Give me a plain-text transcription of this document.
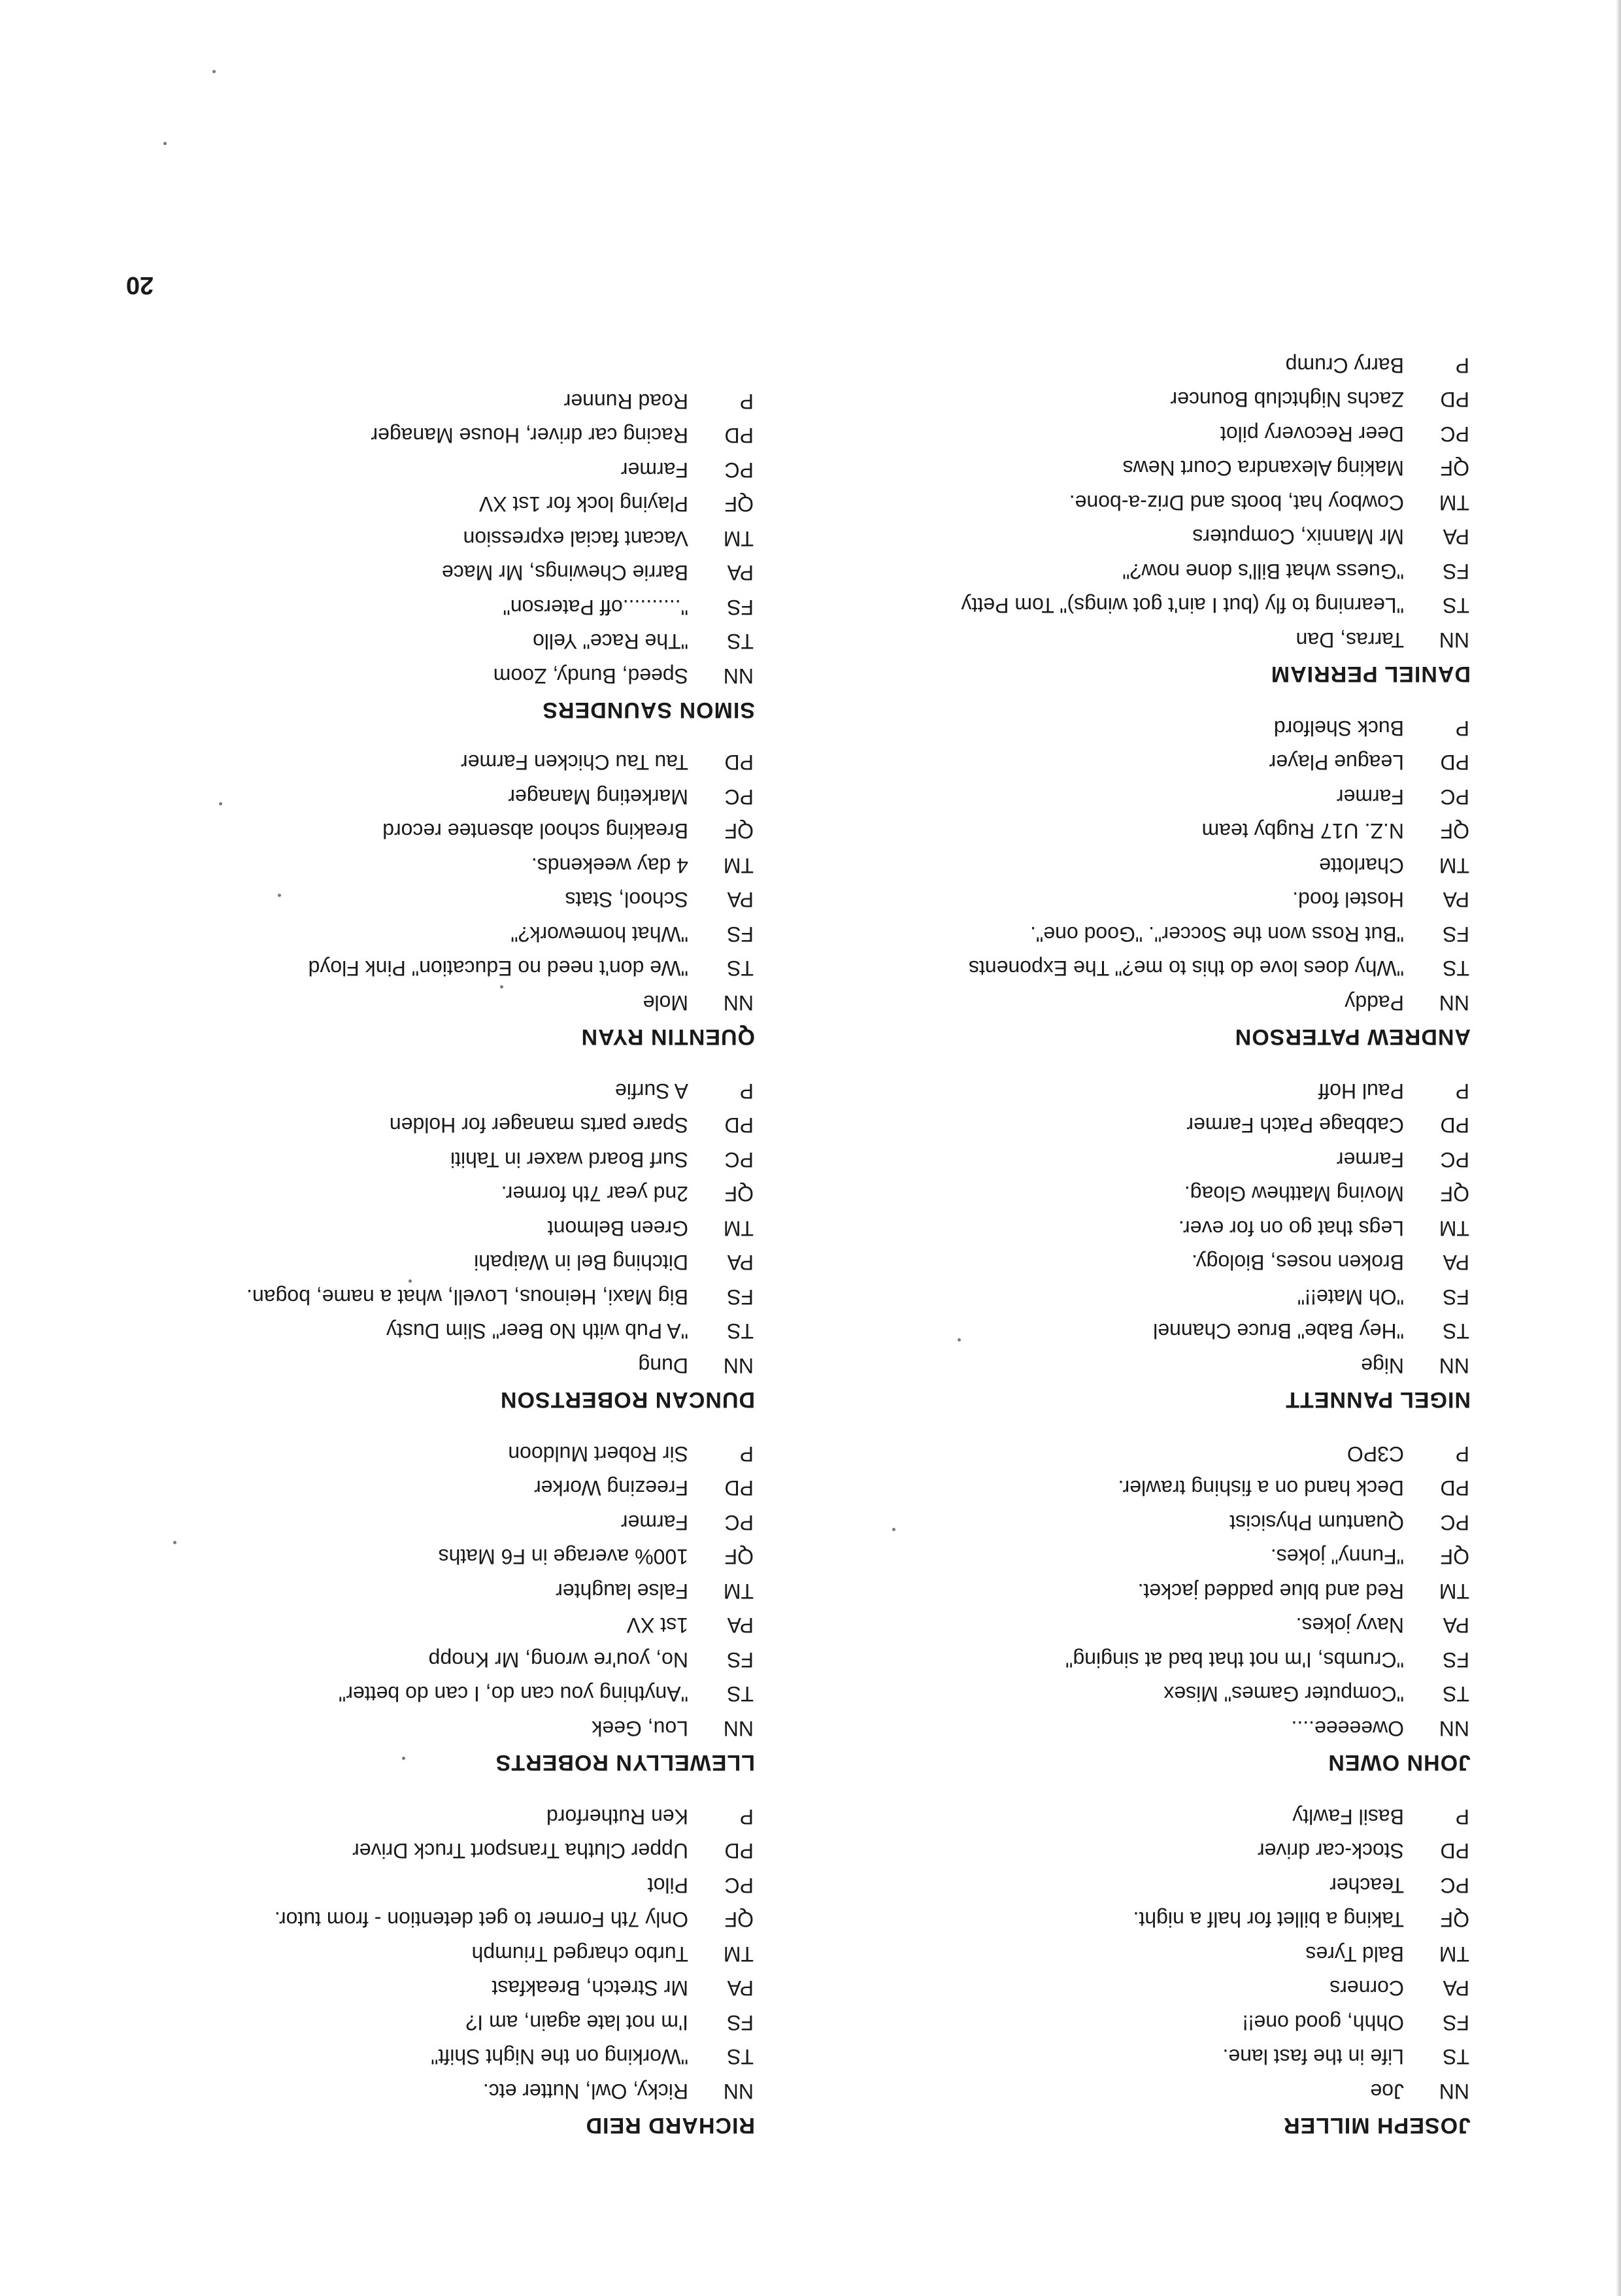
JOSEPH MILLER
NN
Joe
TS
Life in the fast lane.
FS
Ohhh, good one!!
PA
Corners
TM
Bald Tyres
QF
Taking a billet for half a night.
PC
Teacher
PD
Stock-car driver
P
Basil Fawlty
JOHN OWEN
NN
Oweeeee....
TS
"Computer Games" Misex
FS
"Crumbs, I'm not that bad at singing"
PA
Navy jokes.
TM
Red and blue padded jacket.
QF
"Funny" jokes.
PC
Quantum Physicist
PD
Deck hand on a fishing trawler.
P
C3PO
NIGEL PANNETT
NN
Nige
TS
"Hey Babe" Bruce Channel
FS
"Oh Mate!!"
PA
Broken noses, Biology.
TM
Legs that go on for ever.
QF
Moving Matthew Gloag.
PC
Farmer
PD
Cabbage Patch Farmer
P
Paul Hoff
ANDREW PATERSON
NN
Paddy
TS
"Why does love do this to me?" The Exponents
FS
"But Ross won the Soccer". "Good one".
PA
Hostel food.
TM
Charlotte
QF
N.Z. U17 Rugby team
PC
Farmer
PD
League Player
P
Buck Shelford
DANIEL PERRIAM
NN
Tarras, Dan
TS
"Learning to fly (but I ain't got wings)" Tom Petty
FS
"Guess what Bill's done now?"
PA
Mr Mannix, Computers
TM
Cowboy hat, boots and Driz-a-bone.
QF
Making Alexandra Court News
PC
Deer Recovery pilot
PD
Zachs Nightclub Bouncer
P
Barry Crump
RICHARD REID
NN
Ricky, Owl, Nutter etc.
TS
"Working on the Night Shift"
FS
I'm not late again, am I?
PA
Mr Stretch, Breakfast
TM
Turbo charged Triumph
QF
Only 7th Former to get detention - from tutor.
PC
Pilot
PD
Upper Clutha Transport Truck Driver
P
Ken Rutherford
LLEWELLYN ROBERTS
NN
Lou, Geek
TS
"Anything you can do, I can do better"
FS
No, you're wrong, Mr Knopp
PA
1st XV
TM
False laughter
QF
100% average in F6 Maths
PC
Farmer
PD
Freezing Worker
P
Sir Robert Muldoon
DUNCAN ROBERTSON
NN
Dung
TS
"A Pub with No Beer" Slim Dusty
FS
Big Maxi, Heinous, Lovell, what a name, bogan.
PA
Ditching Bel in Waipahi
TM
Green Belmont
QF
2nd year 7th former.
PC
Surf Board waxer in Tahiti
PD
Spare parts manager for Holden
P
A Surfie
QUENTIN RYAN
NN
Mole
TS
"We don't need no Education" Pink Floyd
FS
"What homework?"
PA
School, Stats
TM
4 day weekends.
QF
Breaking school absentee record
PC
Marketing Manager
PD
Tau Tau Chicken Farmer
SIMON SAUNDERS
NN
Speed, Bundy, Zoom
TS
"The Race" Yello
FS
"..........off Paterson"
PA
Barrie Chewings, Mr Mace
TM
Vacant facial expression
QF
Playing lock for 1st XV
PC
Farmer
PD
Racing car driver, House Manager
P
Road Runner
20
